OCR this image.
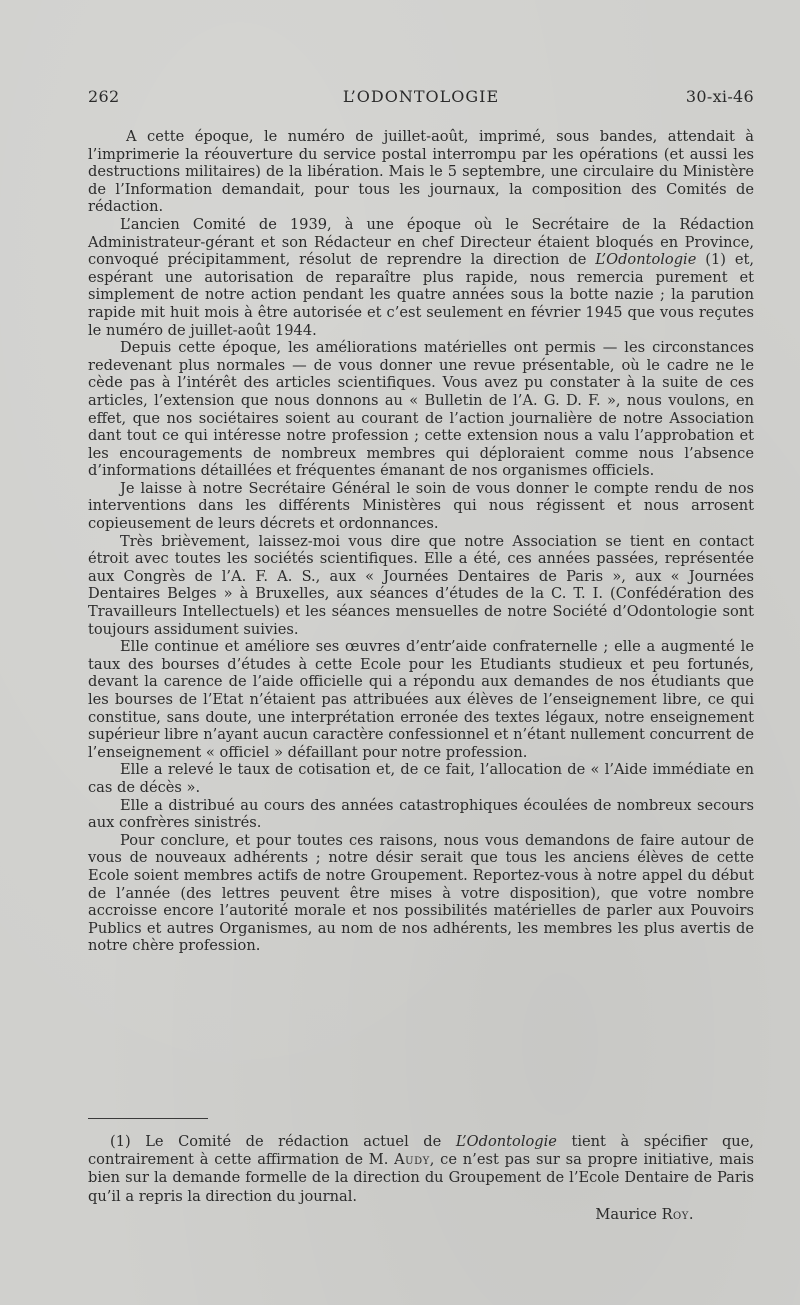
262	L’ODONTOLOGIE	30-xi-46

A cette époque, le numéro de juillet-août, imprimé, sous bandes, attendait à l’imprimerie la réouverture du service postal interrompu par les opérations (et aussi les destructions militaires) de la libération. Mais le 5 septembre, une circulaire du Ministère de l’Information demandait, pour tous les journaux, la composition des Comités de rédaction.

L’ancien Comité de 1939, à une époque où le Secrétaire de la Rédaction Administrateur-gérant et son Rédacteur en chef Directeur étaient bloqués en Province, convoqué précipitamment, résolut de reprendre la direction de L’Odontologie (1) et, espérant une autorisation de reparaître plus rapide, nous remercia purement et simplement de notre action pendant les quatre années sous la botte nazie ; la parution rapide mit huit mois à être autorisée et c’est seulement en février 1945 que vous reçutes le numéro de juillet-août 1944.

Depuis cette époque, les améliorations matérielles ont permis — les circonstances redevenant plus normales — de vous donner une revue présentable, où le cadre ne le cède pas à l’intérêt des articles scientifiques. Vous avez pu constater à la suite de ces articles, l’extension que nous donnons au « Bulletin de l’A. G. D. F. », nous voulons, en effet, que nos sociétaires soient au courant de l’action journalière de notre Association dant tout ce qui intéresse notre profession ; cette extension nous a valu l’approbation et les encouragements de nombreux membres qui déploraient comme nous l’absence d’informations détaillées et fréquentes émanant de nos organismes officiels.

Je laisse à notre Secrétaire Général le soin de vous donner le compte rendu de nos interventions dans les différents Ministères qui nous régissent et nous arrosent copieusement de leurs décrets et ordonnances.

Très brièvement, laissez-moi vous dire que notre Association se tient en contact étroit avec toutes les sociétés scientifiques. Elle a été, ces années passées, représentée aux Congrès de l’A. F. A. S., aux « Journées Dentaires de Paris », aux « Journées Dentaires Belges » à Bruxelles, aux séances d’études de la C. T. I. (Confédération des Travailleurs Intellectuels) et les séances mensuelles de notre Société d’Odontologie sont toujours assidument suivies.

Elle continue et améliore ses œuvres d’entr’aide confraternelle ; elle a augmenté le taux des bourses d’études à cette Ecole pour les Etudiants studieux et peu fortunés, devant la carence de l’aide officielle qui a répondu aux demandes de nos étudiants que les bourses de l’Etat n’étaient pas attribuées aux élèves de l’enseignement libre, ce qui constitue, sans doute, une interprétation erronée des textes légaux, notre enseignement supérieur libre n’ayant aucun caractère confessionnel et n’étant nullement concurrent de l’enseignement « officiel » défaillant pour notre profession.

Elle a relevé le taux de cotisation et, de ce fait, l’allocation de « l’Aide immédiate en cas de décès ».

Elle a distribué au cours des années catastrophiques écoulées de nombreux secours aux confrères sinistrés.

Pour conclure, et pour toutes ces raisons, nous vous demandons de faire autour de vous de nouveaux adhérents ; notre désir serait que tous les anciens élèves de cette Ecole soient membres actifs de notre Groupement. Reportez-vous à notre appel du début de l’année (des lettres peuvent être mises à votre disposition), que votre nombre accroisse encore l’autorité morale et nos possibilités matérielles de parler aux Pouvoirs Publics et autres Organismes, au nom de nos adhérents, les membres les plus avertis de notre chère profession.

(1) Le Comité de rédaction actuel de L’Odontologie tient à spécifier que, contrairement à cette affirmation de M. Audy, ce n’est pas sur sa propre initiative, mais bien sur la demande formelle de la direction du Groupement de l’Ecole Dentaire de Paris qu’il a repris la direction du journal.
Maurice Roy.
